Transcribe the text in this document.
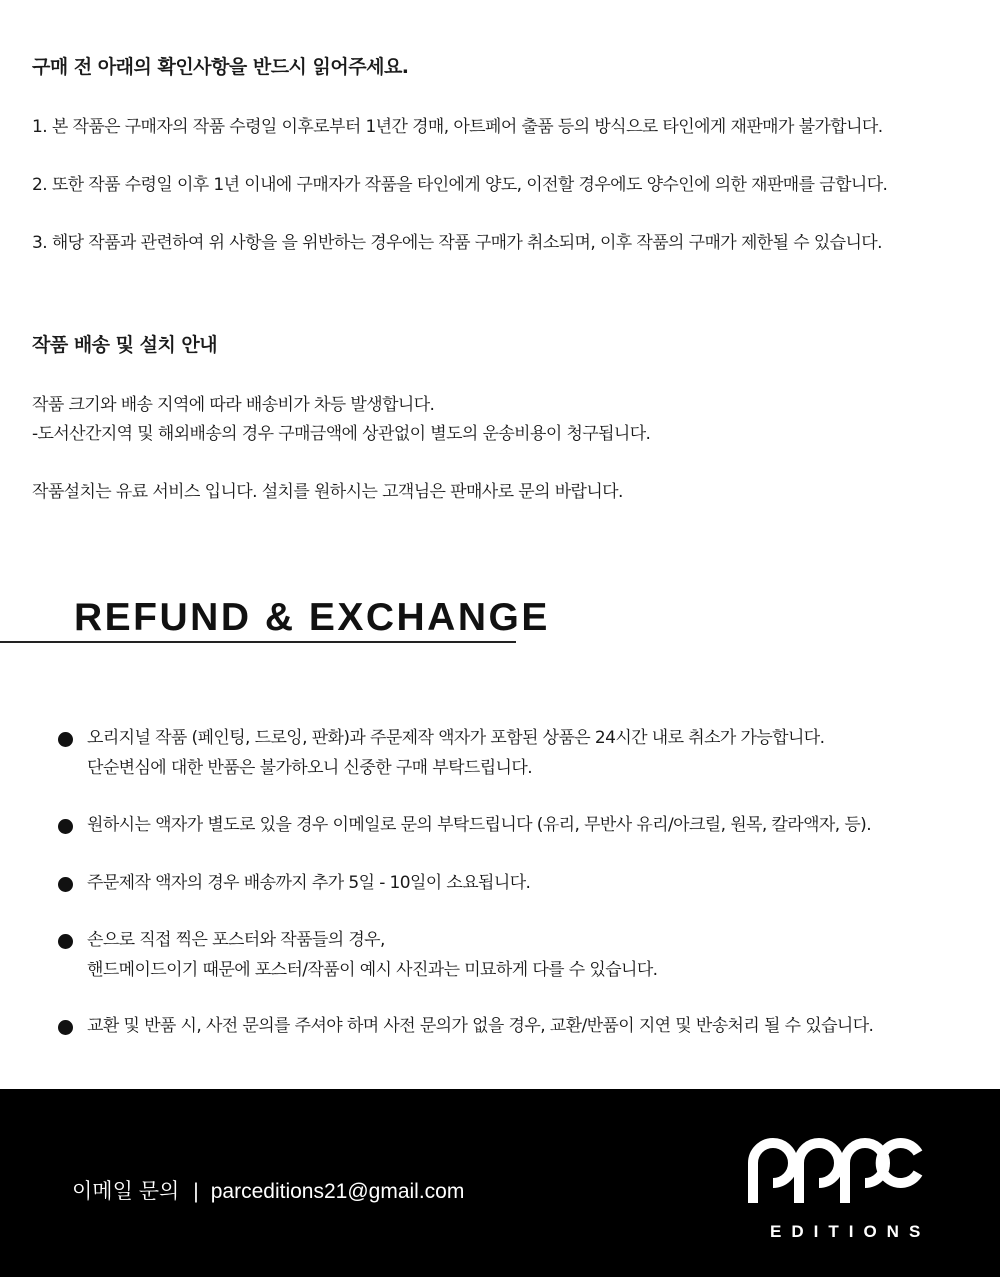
구매 전 아래의 확인사항을 반드시 읽어주세요.

1. 본 작품은 구매자의 작품 수령일 이후로부터 1년간 경매, 아트페어 출품 등의 방식으로 타인에게 재판매가 불가합니다.

2. 또한 작품 수령일 이후 1년 이내에 구매자가 작품을 타인에게 양도, 이전할 경우에도 양수인에 의한 재판매를 금합니다.

3. 해당 작품과 관련하여 위 사항을 을 위반하는 경우에는 작품 구매가 취소되며, 이후 작품의 구매가 제한될 수 있습니다.

작품 배송 및 설치 안내

작품 크기와 배송 지역에 따라 배송비가 차등 발생합니다.

-도서산간지역 및 해외배송의 경우 구매금액에 상관없이 별도의 운송비용이 청구됩니다.

작품설치는 유료 서비스 입니다. 설치를 원하시는 고객님은 판매사로 문의 바랍니다.

REFUND & EXCHANGE
오리지널 작품 (페인팅, 드로잉, 판화)과 주문제작 액자가 포함된 상품은 24시간 내로 취소가 가능합니다.
단순변심에 대한 반품은 불가하오니 신중한 구매 부탁드립니다.
원하시는 액자가 별도로 있을 경우 이메일로 문의 부탁드립니다 (유리, 무반사 유리/아크릴, 원목, 칼라액자, 등).
주문제작 액자의 경우 배송까지 추가 5일 - 10일이 소요됩니다.
손으로 직접 찍은 포스터와 작품들의 경우,
핸드메이드이기 때문에 포스터/작품이 예시 사진과는 미묘하게 다를 수 있습니다.
교환 및 반품 시, 사전 문의를 주셔야 하며 사전 문의가 없을 경우, 교환/반품이 지연 및 반송처리 될 수 있습니다.
이메일 문의 | parceditions21@gmail.com
EDITIONS
